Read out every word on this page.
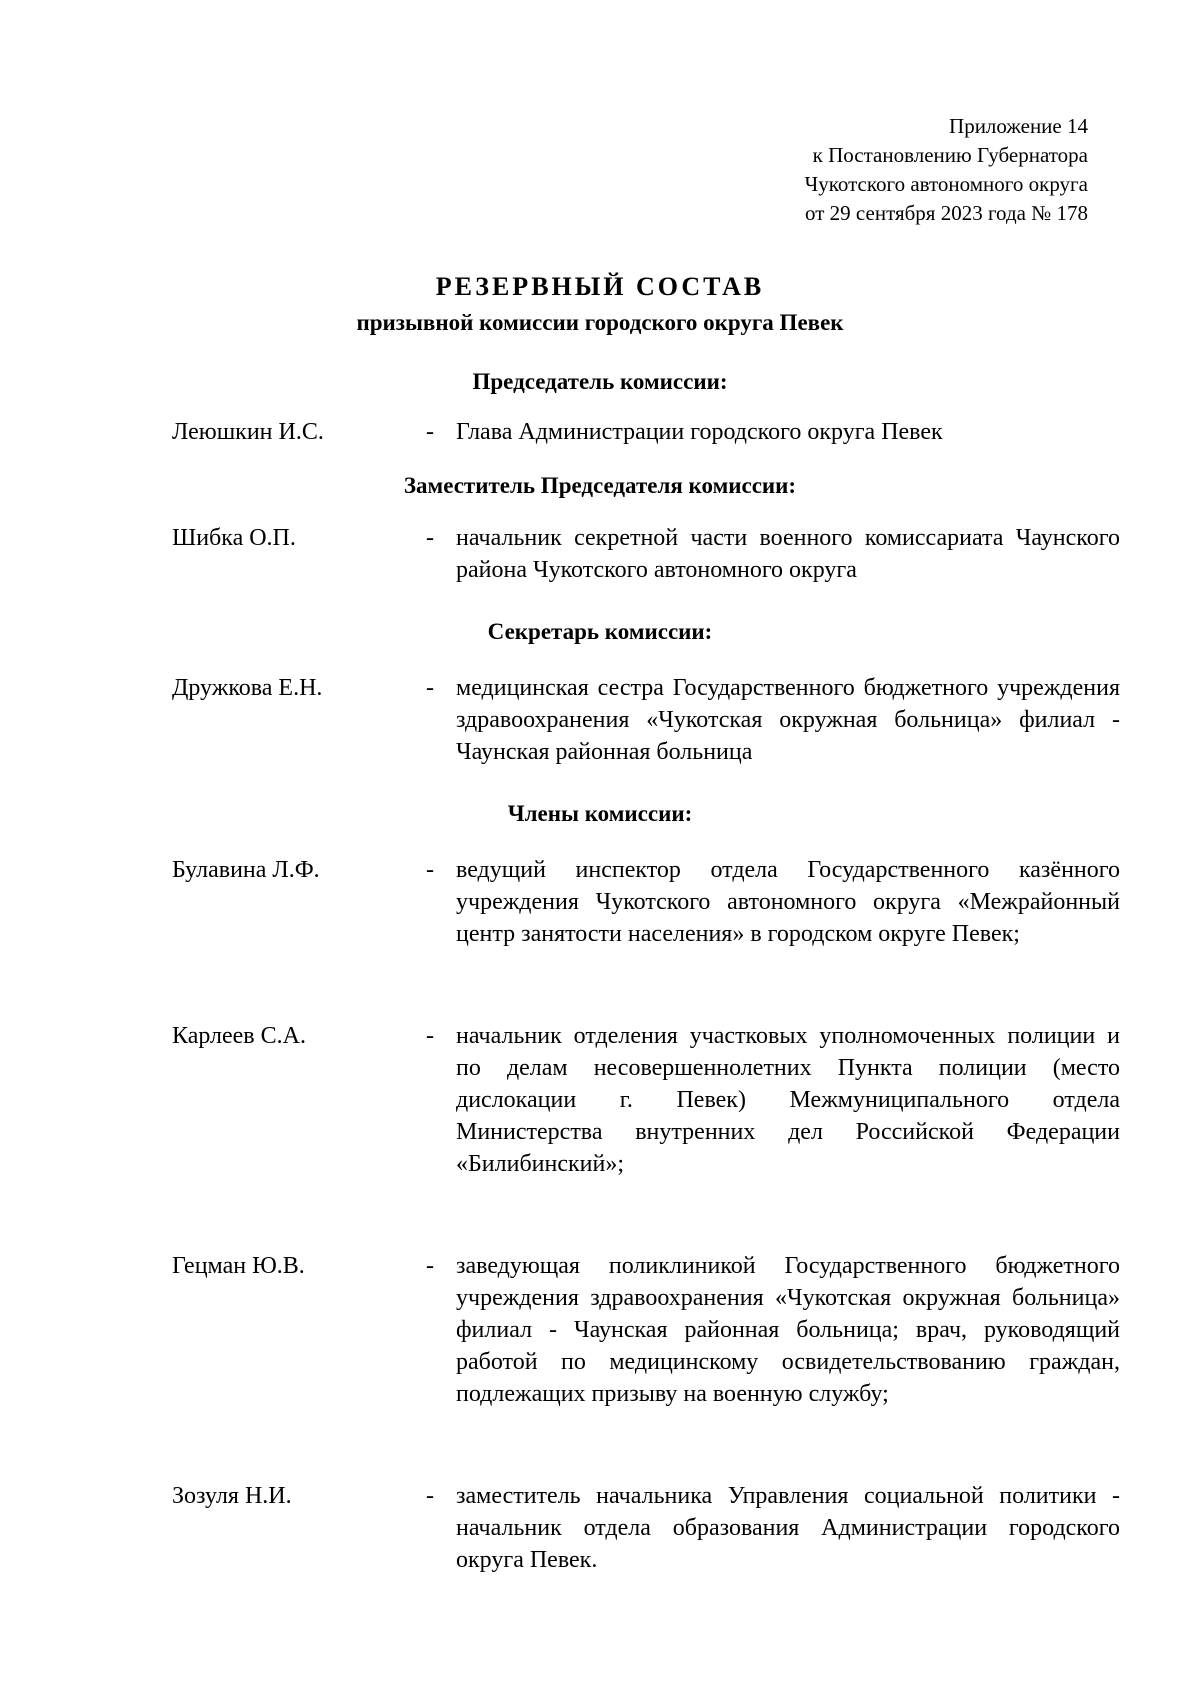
Приложение 14
к Постановлению Губернатора
Чукотского автономного округа
от 29 сентября 2023 года № 178
РЕЗЕРВНЫЙ СОСТАВ
призывной комиссии городского округа Певек
Председатель комиссии:
Леюшкин И.С.	- Глава Администрации городского округа Певек
Заместитель Председателя комиссии:
Шибка О.П.	- начальник секретной части военного комиссариата Чаунского района Чукотского автономного округа
Секретарь комиссии:
Дружкова Е.Н.	- медицинская сестра Государственного бюджетного учреждения здравоохранения «Чукотская окружная больница» филиал - Чаунская районная больница
Члены комиссии:
Булавина Л.Ф.	- ведущий инспектор отдела Государственного казённого учреждения Чукотского автономного округа «Межрайонный центр занятости населения» в городском округе Певек;
Карлеев С.А.	- начальник отделения участковых уполномоченных полиции и по делам несовершеннолетних Пункта полиции (место дислокации г. Певек) Межмуниципального отдела Министерства внутренних дел Российской Федерации «Билибинский»;
Гецман Ю.В.	- заведующая поликлиникой Государственного бюджетного учреждения здравоохранения «Чукотская окружная больница» филиал - Чаунская районная больница; врач, руководящий работой по медицинскому освидетельствованию граждан, подлежащих призыву на военную службу;
Зозуля Н.И.	- заместитель начальника Управления социальной политики - начальник отдела образования Администрации городского округа Певек.
